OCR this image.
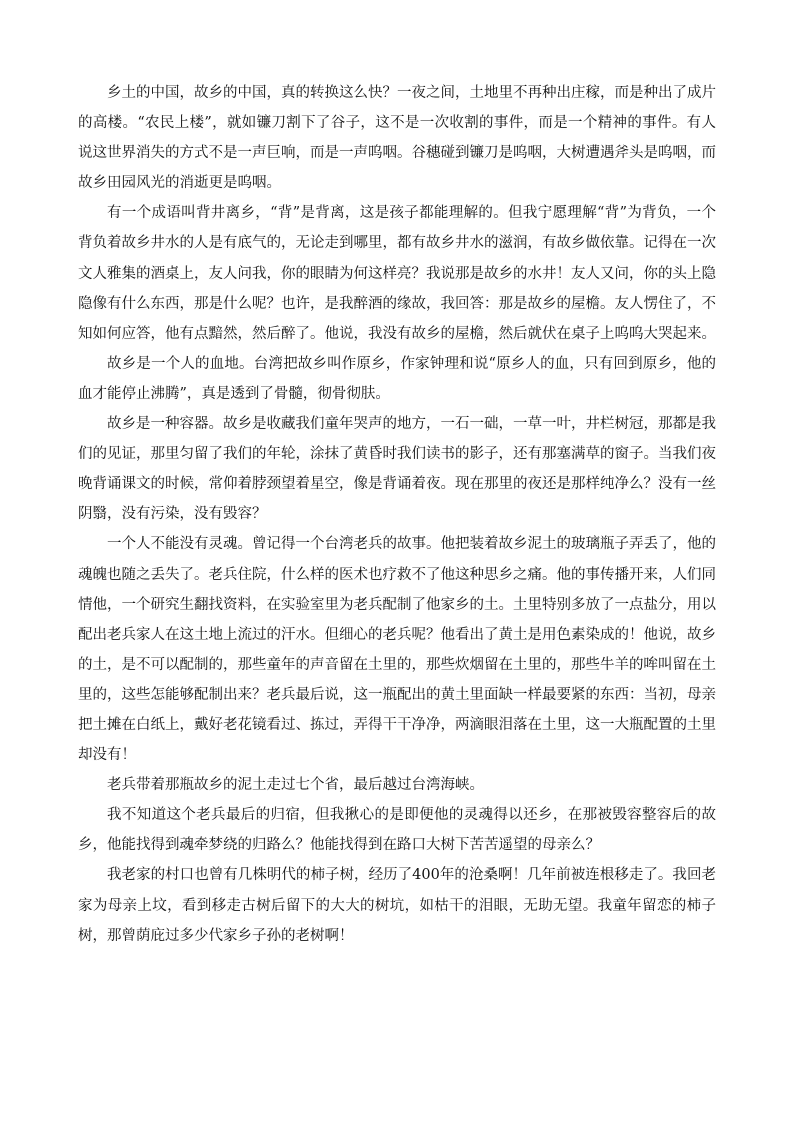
乡土的中国，故乡的中国，真的转换这么快？一夜之间，土地里不再种出庄稼，而是种出了成片的高楼。“农民上楼”，就如镰刀割下了谷子，这不是一次收割的事件，而是一个精神的事件。有人说这世界消失的方式不是一声巨响，而是一声呜咽。谷穗碰到镰刀是呜咽，大树遭遇斧头是呜咽，而故乡田园风光的消逝更是呜咽。

有一个成语叫背井离乡，“背”是背离，这是孩子都能理解的。但我宁愿理解“背”为背负，一个背负着故乡井水的人是有底气的，无论走到哪里，都有故乡井水的滋润，有故乡做依靠。记得在一次文人雅集的酒桌上，友人问我，你的眼睛为何这样亮？我说那是故乡的水井！友人又问，你的头上隐隐像有什么东西，那是什么呢？也许，是我醉酒的缘故，我回答：那是故乡的屋檐。友人愣住了，不知如何应答，他有点黯然，然后醉了。他说，我没有故乡的屋檐，然后就伏在桌子上呜呜大哭起来。

故乡是一个人的血地。台湾把故乡叫作原乡，作家钟理和说“原乡人的血，只有回到原乡，他的血才能停止沸腾”，真是透到了骨髓，彻骨彻肤。

故乡是一种容器。故乡是收藏我们童年哭声的地方，一石一础，一草一叶，井栏树冠，那都是我们的见证，那里匀留了我们的年轮，涂抹了黄昏时我们读书的影子，还有那塞满草的窗子。当我们夜晚背诵课文的时候，常仰着脖颈望着星空，像是背诵着夜。现在那里的夜还是那样纯净么？没有一丝阴翳，没有污染，没有毁容？

一个人不能没有灵魂。曾记得一个台湾老兵的故事。他把装着故乡泥土的玻璃瓶子弄丢了，他的魂魄也随之丢失了。老兵住院，什么样的医术也疗救不了他这种思乡之痛。他的事传播开来，人们同情他，一个研究生翻找资料，在实验室里为老兵配制了他家乡的土。土里特别多放了一点盐分，用以配出老兵家人在这土地上流过的汗水。但细心的老兵呢？他看出了黄土是用色素染成的！他说，故乡的土，是不可以配制的，那些童年的声音留在土里的，那些炊烟留在土里的，那些牛羊的哞叫留在土里的，这些怎能够配制出来？老兵最后说，这一瓶配出的黄土里面缺一样最要紧的东西：当初，母亲把土摊在白纸上，戴好老花镜看过、拣过，弄得干干净净，两滴眼泪落在土里，这一大瓶配置的土里却没有！

老兵带着那瓶故乡的泥土走过七个省，最后越过台湾海峡。

我不知道这个老兵最后的归宿，但我揪心的是即便他的灵魂得以还乡，在那被毁容整容后的故乡，他能找得到魂牵梦绕的归路么？他能找得到在路口大树下苦苦遥望的母亲么？

我老家的村口也曾有几株明代的柿子树，经历了400年的沧桑啊！几年前被连根移走了。我回老家为母亲上坟，看到移走古树后留下的大大的树坑，如枯干的泪眼，无助无望。我童年留恋的柿子树，那曾荫庇过多少代家乡子孙的老树啊！
